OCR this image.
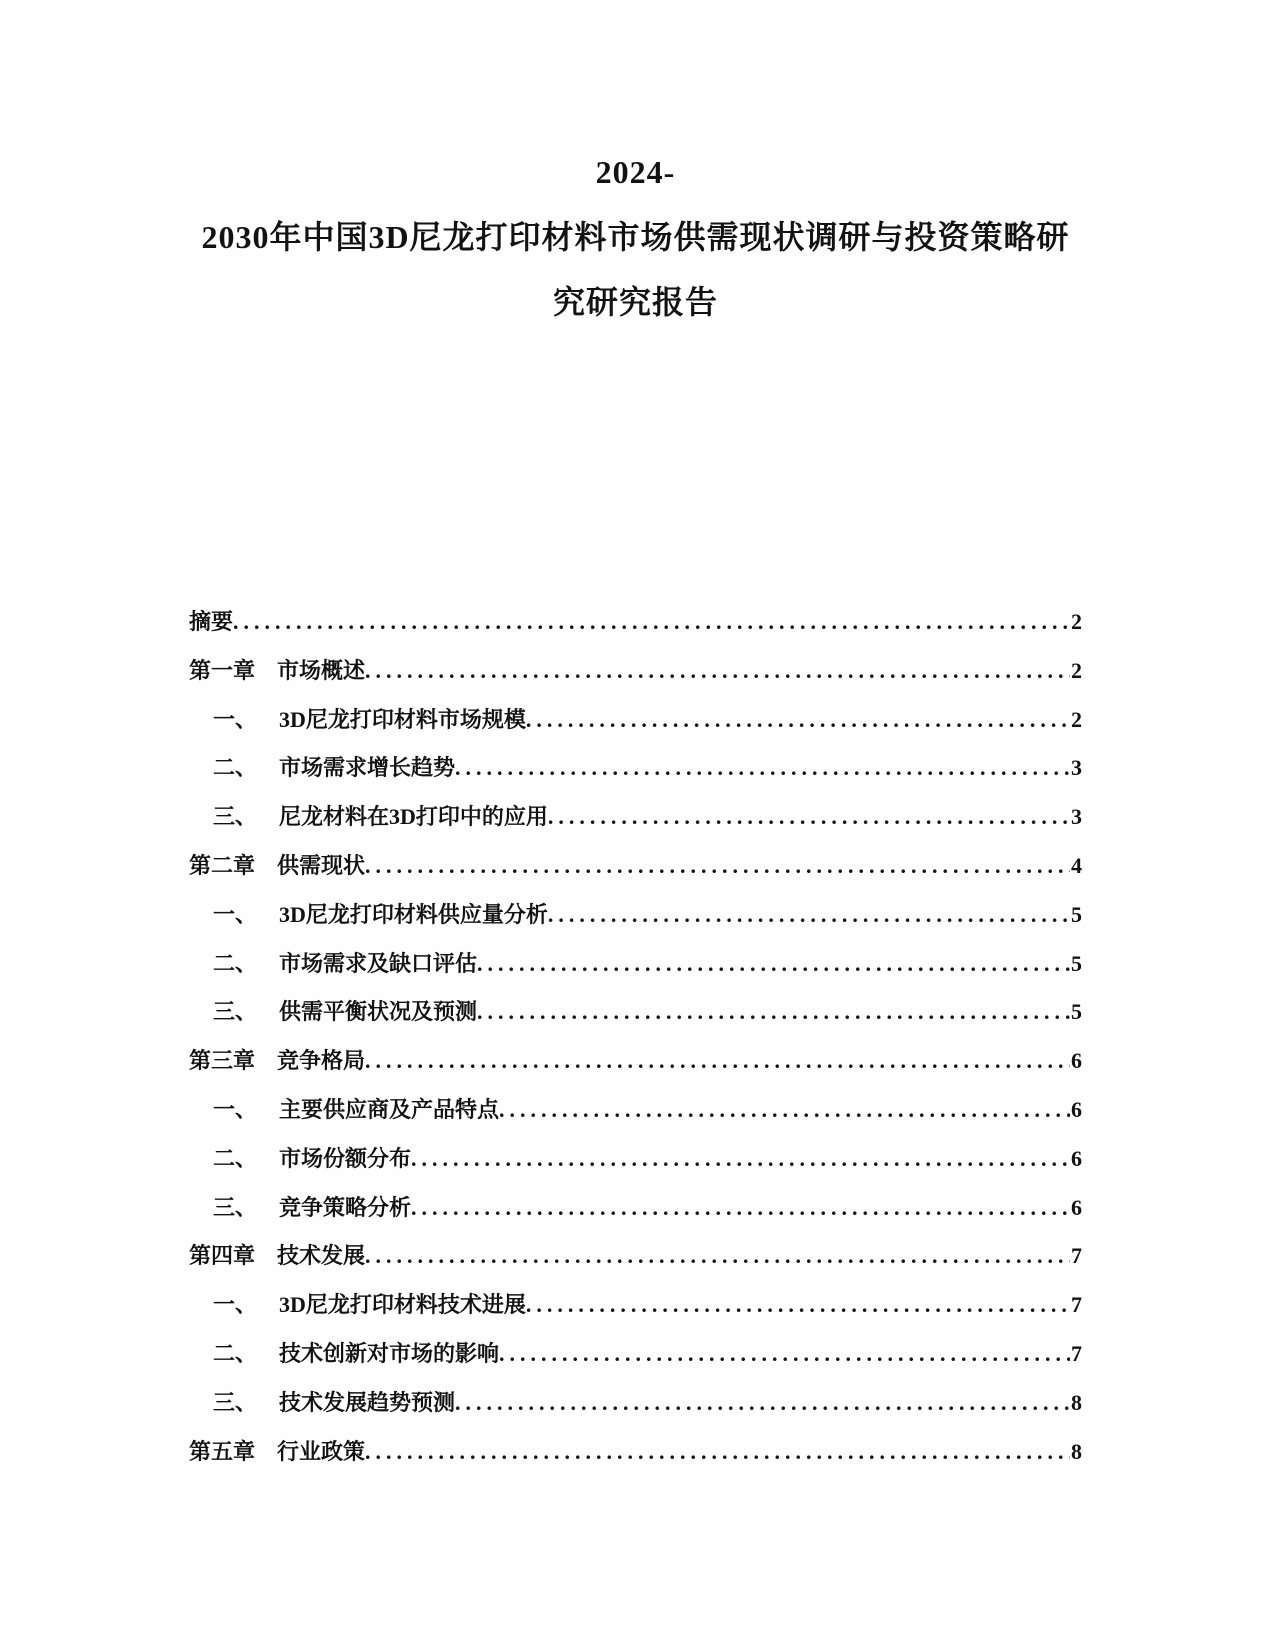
2024-
2030年中国3D尼龙打印材料市场供需现状调研与投资策略研
究研究报告
摘要 .....	2
第一章 市场概述 .....	2
一、 3D尼龙打印材料市场规模 .....	2
二、 市场需求增长趋势 .....	3
三、 尼龙材料在3D打印中的应用 .....	3
第二章 供需现状 .....	4
一、 3D尼龙打印材料供应量分析 .....	5
二、 市场需求及缺口评估 .....	5
三、 供需平衡状况及预测 .....	5
第三章 竞争格局 .....	6
一、 主要供应商及产品特点 .....	6
二、 市场份额分布 .....	6
三、 竞争策略分析 .....	6
第四章 技术发展 .....	7
一、 3D尼龙打印材料技术进展 .....	7
二、 技术创新对市场的影响 .....	7
三、 技术发展趋势预测 .....	8
第五章 行业政策 .....	8
